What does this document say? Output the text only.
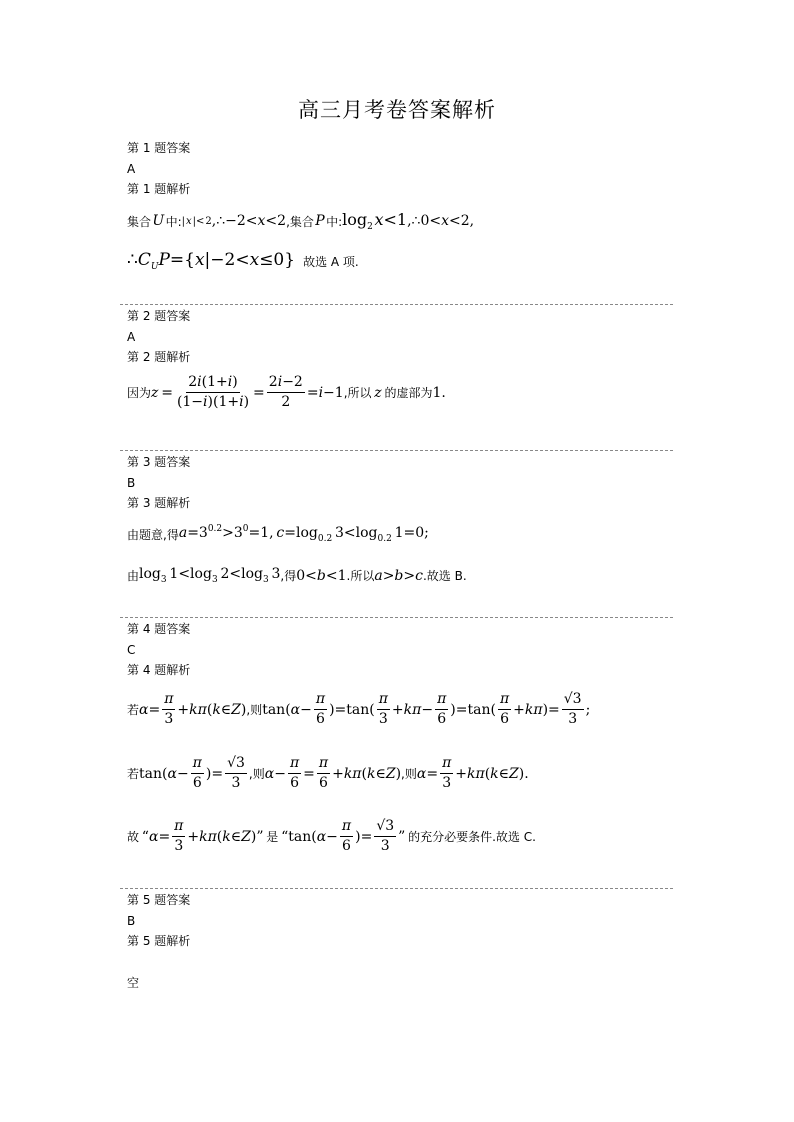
高三月考卷答案解析
第 1 题答案
A
第 1 题解析
集合  U  中: | x |< 2 ,∴−2<x<2 ,集合  P  中: $\log_2$ x<1 ,∴0<x<2,
$\therefore C_UP=\{x|-2<x\le 0\}$ 故选 A 项.
第 2 题答案
A
第 2 题解析
因为 $z = \frac{2i(1+i)}{(1-i)(1+i)} = \frac{2i-2}{2} =i-1$ ,所以  z  的虚部为 1.
第 3 题答案
B
第 3 题解析
由题意,得 $a=3^{0.2}>3^0=1$, $c=\log_{0.2}$ $3<\log_{0.2}$ 1=0;
由 $\log_3 1<\log_3$ $2<\log_3$ 3 ,得 0<b<1 .所以 a>b>c .故选 B.
第 4 题答案
C
第 4 题解析
若 $\alpha= \frac{\pi}{3}$ +kπ(k∈Z) ,则 $\tan(\alpha- \frac{\pi}{6} )=\tan( \frac{\pi}{3} +k\pi- \frac{\pi}{6} )=\tan( \frac{\pi}{6} +k\pi)= \frac{√3}{3}$ ;
若 $\tan(\alpha- \frac{\pi}{6}$ )= $\frac{√3}{3}$ ,则 $\alpha- \frac{\pi}{6} = \frac{\pi}{6}$ +kπ(k∈Z) ,则 $\alpha= \frac{\pi}{3}$ +kπ(k∈Z).
故  “$\alpha= \frac{\pi}{3}$ +kπ(k∈Z)”  是  “$\tan(\alpha- \frac{\pi}{6}$ )= $\frac{√3}{3}$ ”  的充分必要条件.故选 C.
第 5 题答案
B
第 5 题解析
空
